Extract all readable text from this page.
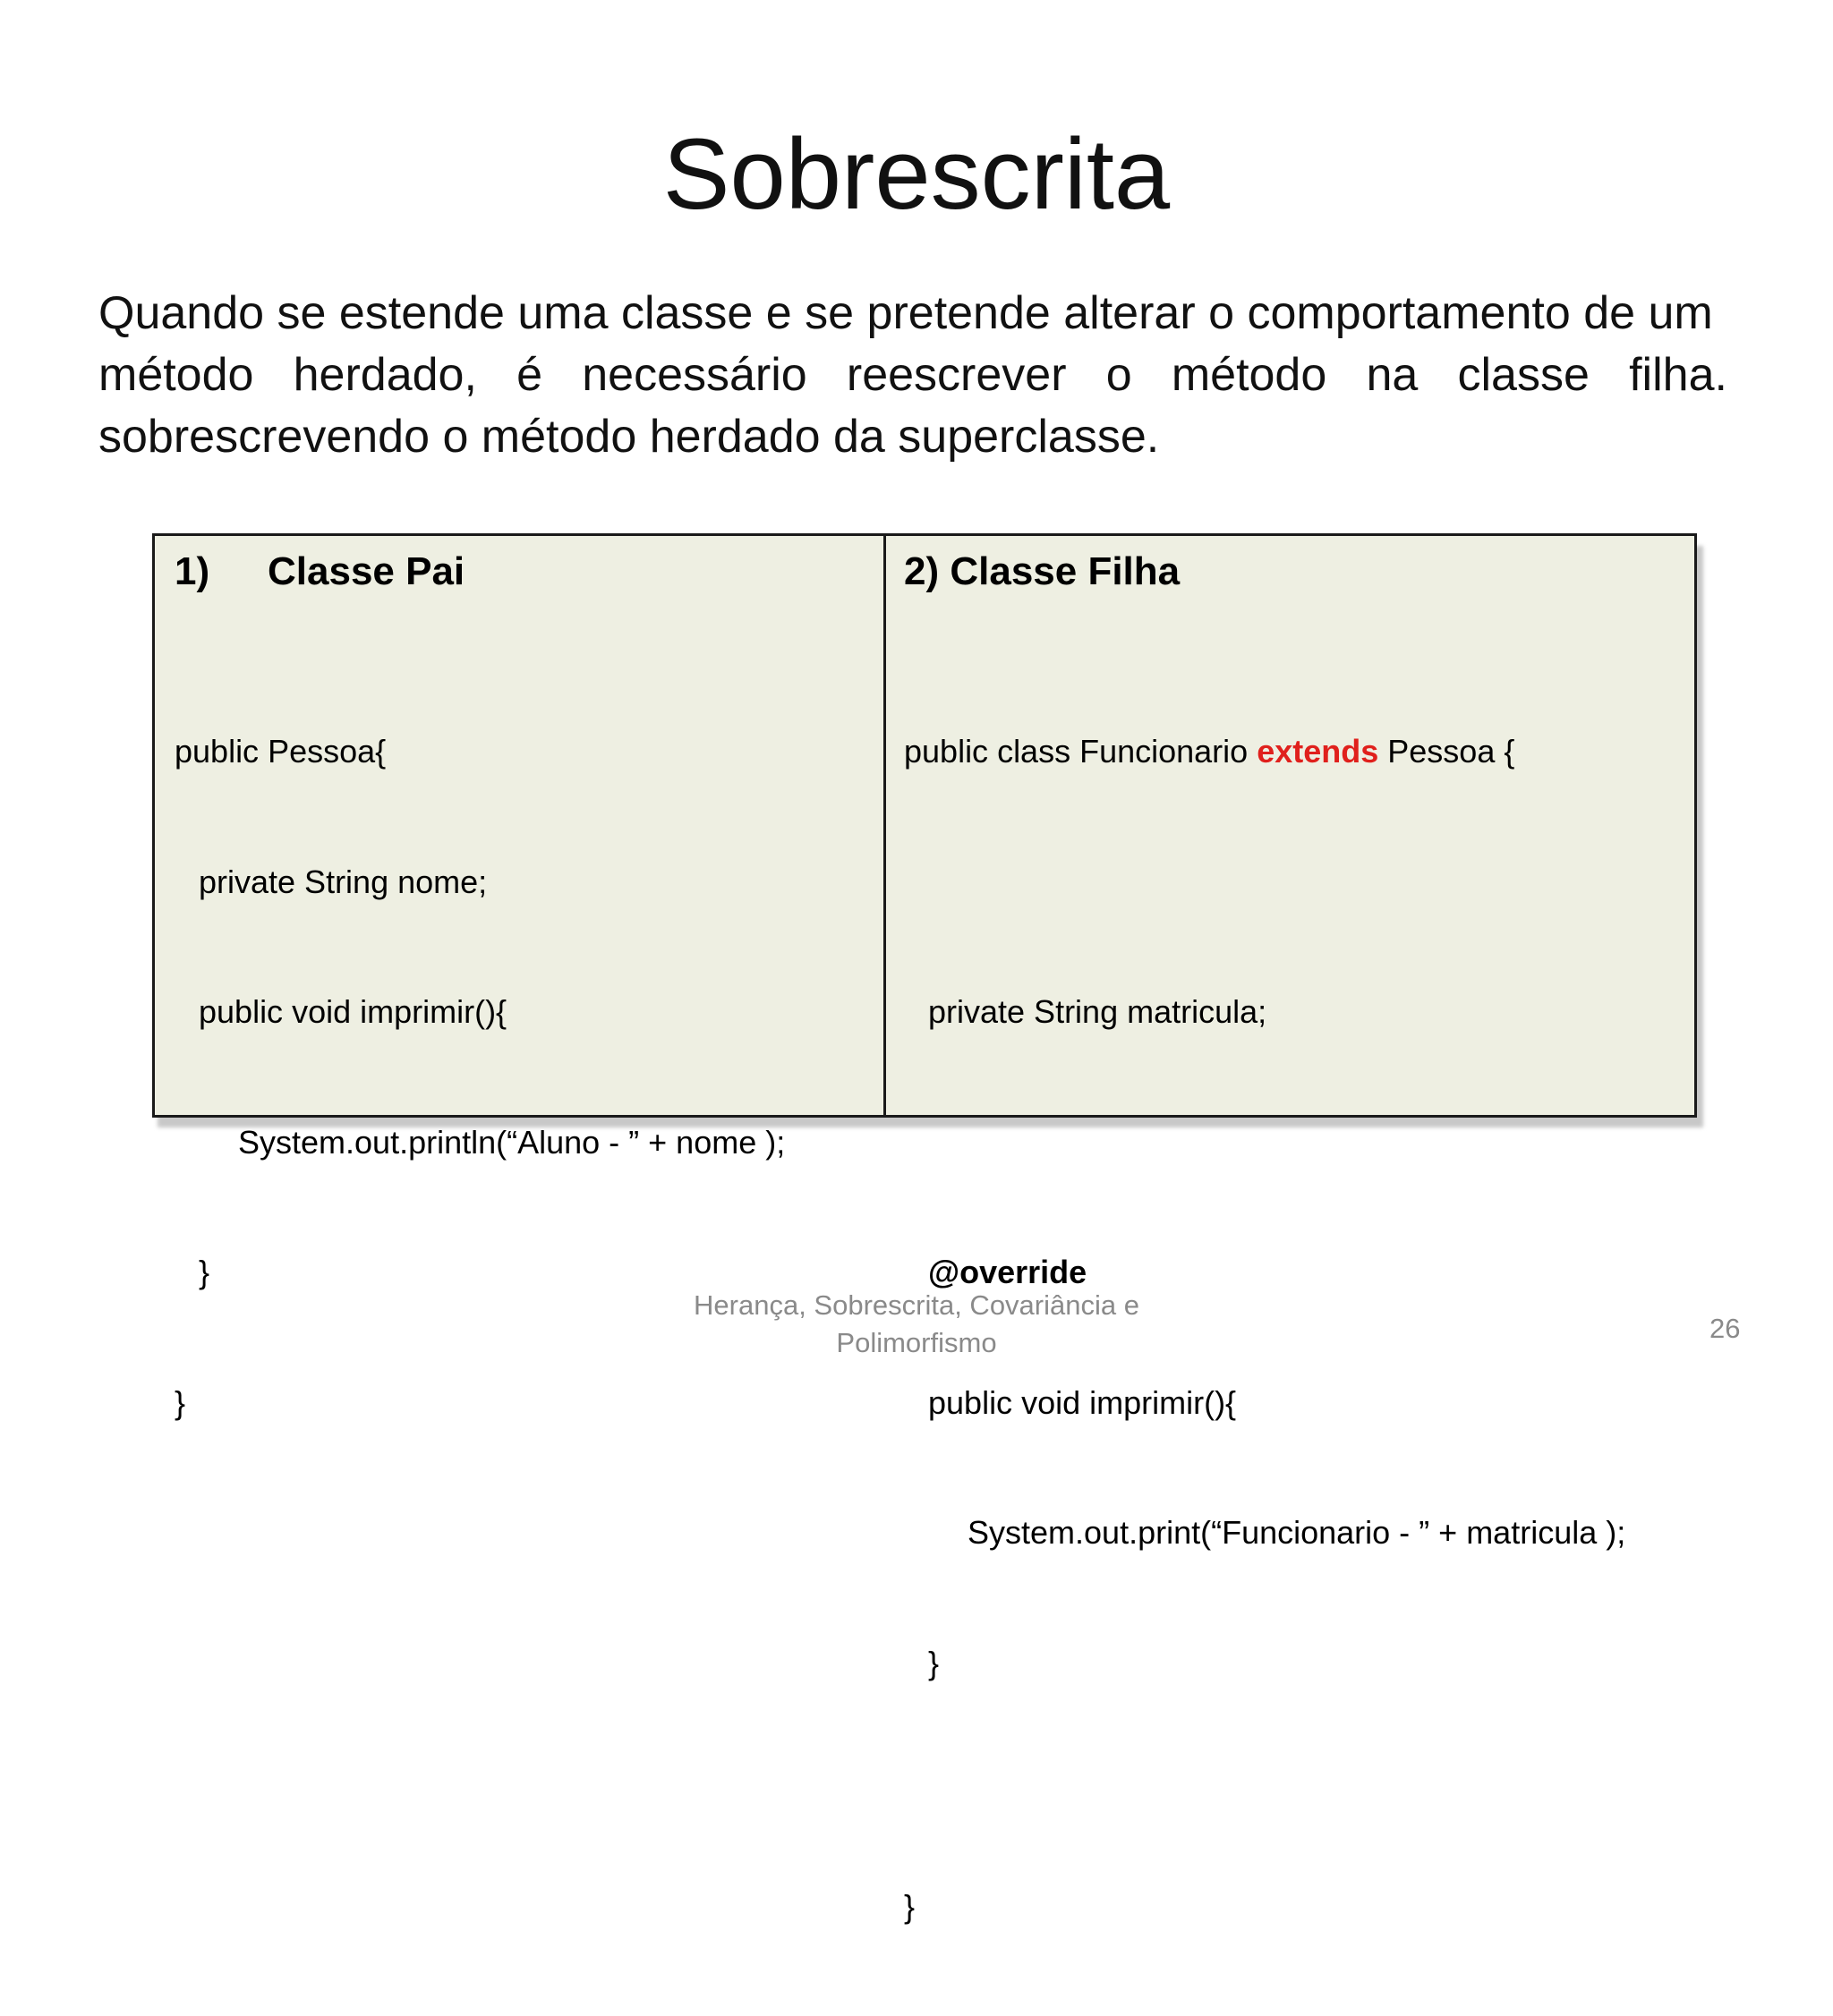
Sobrescrita
Quando se estende uma classe e se pretende alterar o comportamento de um
método herdado, é necessário reescrever o método na classe filha.
sobrescrevendo o método herdado da superclasse.
1) Classe Pai

public Pessoa{

private String nome;

public void imprimir(){

System.out.println(“Aluno - ” + nome );

}

}

2) Classe Filha

public class Funcionario extends Pessoa {

private String matricula;

@override

public void imprimir(){

System.out.print(“Funcionario - ” + matricula );

}

}

Herança, Sobrescrita, Covariância e
Polimorfismo	26
